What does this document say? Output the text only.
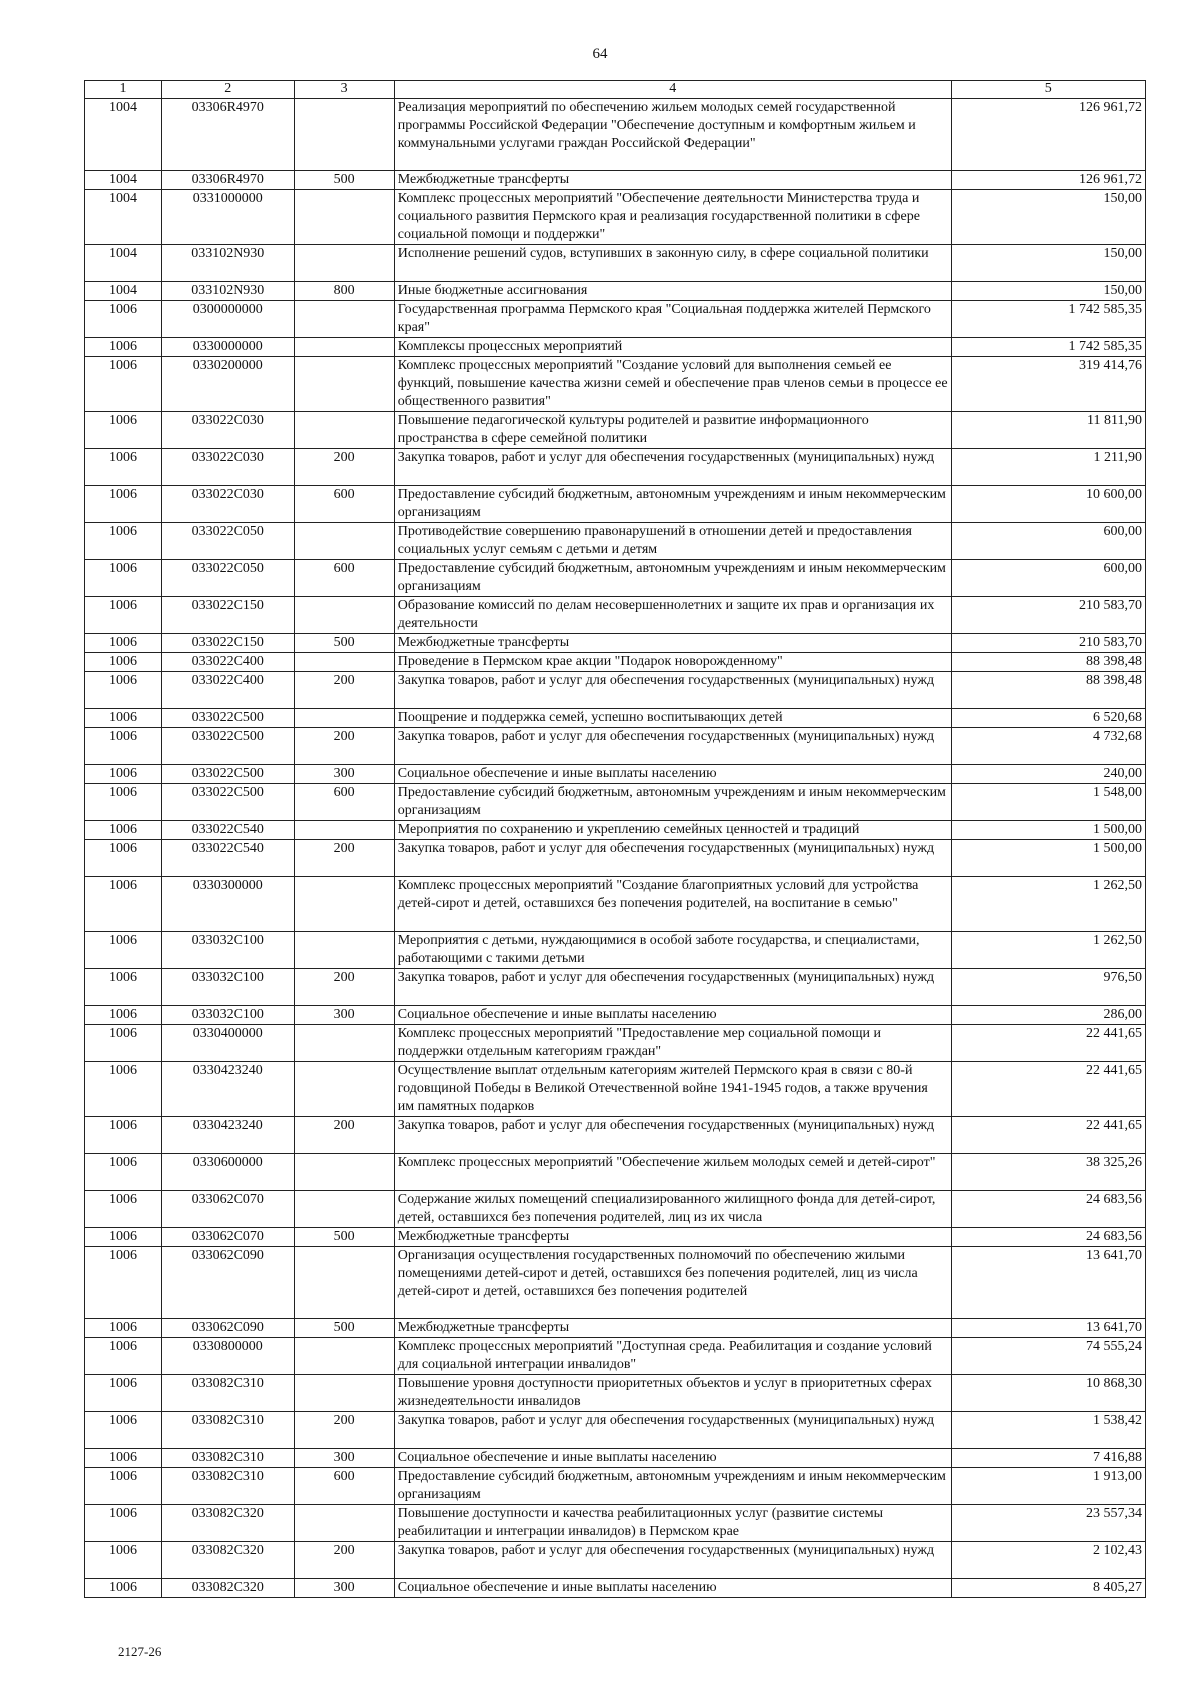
64
1	2	3	4	5
1004	03306R4970		Реализация мероприятий по обеспечению жильем молодых семей государственной программы Российской Федерации "Обеспечение доступным и комфортным жильем и коммунальными услугами граждан Российской Федерации"	126 961,72
1004	03306R4970	500	Межбюджетные трансферты	126 961,72
1004	0331000000		Комплекс процессных мероприятий "Обеспечение деятельности Министерства труда и социального развития Пермского края и реализация государственной политики в сфере социальной помощи и поддержки"	150,00
1004	033102N930		Исполнение решений судов, вступивших в законную силу, в сфере социальной политики	150,00
1004	033102N930	800	Иные бюджетные ассигнования	150,00
1006	0300000000		Государственная программа Пермского края "Социальная поддержка жителей Пермского края"	1 742 585,35
1006	0330000000		Комплексы процессных мероприятий	1 742 585,35
1006	0330200000		Комплекс процессных мероприятий "Создание условий для выполнения семьей ее функций, повышение качества жизни семей и обеспечение прав членов семьи в процессе ее общественного развития"	319 414,76
1006	033022C030		Повышение педагогической культуры родителей и развитие информационного пространства в сфере семейной политики	11 811,90
1006	033022C030	200	Закупка товаров, работ и услуг для обеспечения государственных (муниципальных) нужд	1 211,90
1006	033022C030	600	Предоставление субсидий бюджетным, автономным учреждениям и иным некоммерческим организациям	10 600,00
1006	033022C050		Противодействие совершению правонарушений в отношении детей и предоставления социальных услуг семьям с детьми и детям	600,00
1006	033022C050	600	Предоставление субсидий бюджетным, автономным учреждениям и иным некоммерческим организациям	600,00
1006	033022C150		Образование комиссий по делам несовершеннолетних и защите их прав и организация их деятельности	210 583,70
1006	033022C150	500	Межбюджетные трансферты	210 583,70
1006	033022C400		Проведение в Пермском крае акции "Подарок новорожденному"	88 398,48
1006	033022C400	200	Закупка товаров, работ и услуг для обеспечения государственных (муниципальных) нужд	88 398,48
1006	033022C500		Поощрение и поддержка семей, успешно воспитывающих детей	6 520,68
1006	033022C500	200	Закупка товаров, работ и услуг для обеспечения государственных (муниципальных) нужд	4 732,68
1006	033022C500	300	Социальное обеспечение и иные выплаты населению	240,00
1006	033022C500	600	Предоставление субсидий бюджетным, автономным учреждениям и иным некоммерческим организациям	1 548,00
1006	033022C540		Мероприятия по сохранению и укреплению семейных ценностей и традиций	1 500,00
1006	033022C540	200	Закупка товаров, работ и услуг для обеспечения государственных (муниципальных) нужд	1 500,00
1006	0330300000		Комплекс процессных мероприятий "Создание благоприятных условий для устройства детей-сирот и детей, оставшихся без попечения родителей, на воспитание в семью"	1 262,50
1006	033032C100		Мероприятия с детьми, нуждающимися в особой заботе государства, и специалистами, работающими с такими детьми	1 262,50
1006	033032C100	200	Закупка товаров, работ и услуг для обеспечения государственных (муниципальных) нужд	976,50
1006	033032C100	300	Социальное обеспечение и иные выплаты населению	286,00
1006	0330400000		Комплекс процессных мероприятий "Предоставление мер социальной помощи и поддержки отдельным категориям граждан"	22 441,65
1006	0330423240		Осуществление выплат отдельным категориям жителей Пермского края в связи с 80-й годовщиной Победы в Великой Отечественной войне 1941-1945 годов, а также вручения им памятных подарков	22 441,65
1006	0330423240	200	Закупка товаров, работ и услуг для обеспечения государственных (муниципальных) нужд	22 441,65
1006	0330600000		Комплекс процессных мероприятий "Обеспечение жильем молодых семей и детей-сирот"	38 325,26
1006	033062C070		Содержание жилых помещений специализированного жилищного фонда для детей-сирот, детей, оставшихся без попечения родителей, лиц из их числа	24 683,56
1006	033062C070	500	Межбюджетные трансферты	24 683,56
1006	033062C090		Организация осуществления государственных полномочий по обеспечению жилыми помещениями детей-сирот и детей, оставшихся без попечения родителей, лиц из числа детей-сирот и детей, оставшихся без попечения родителей	13 641,70
1006	033062C090	500	Межбюджетные трансферты	13 641,70
1006	0330800000		Комплекс процессных мероприятий "Доступная среда. Реабилитация и создание условий для социальной интеграции инвалидов"	74 555,24
1006	033082C310		Повышение уровня доступности приоритетных объектов и услуг в приоритетных сферах жизнедеятельности инвалидов	10 868,30
1006	033082C310	200	Закупка товаров, работ и услуг для обеспечения государственных (муниципальных) нужд	1 538,42
1006	033082C310	300	Социальное обеспечение и иные выплаты населению	7 416,88
1006	033082C310	600	Предоставление субсидий бюджетным, автономным учреждениям и иным некоммерческим организациям	1 913,00
1006	033082C320		Повышение доступности и качества реабилитационных услуг (развитие системы реабилитации и интеграции инвалидов) в Пермском крае	23 557,34
1006	033082C320	200	Закупка товаров, работ и услуг для обеспечения государственных (муниципальных) нужд	2 102,43
1006	033082C320	300	Социальное обеспечение и иные выплаты населению	8 405,27
2127-26
